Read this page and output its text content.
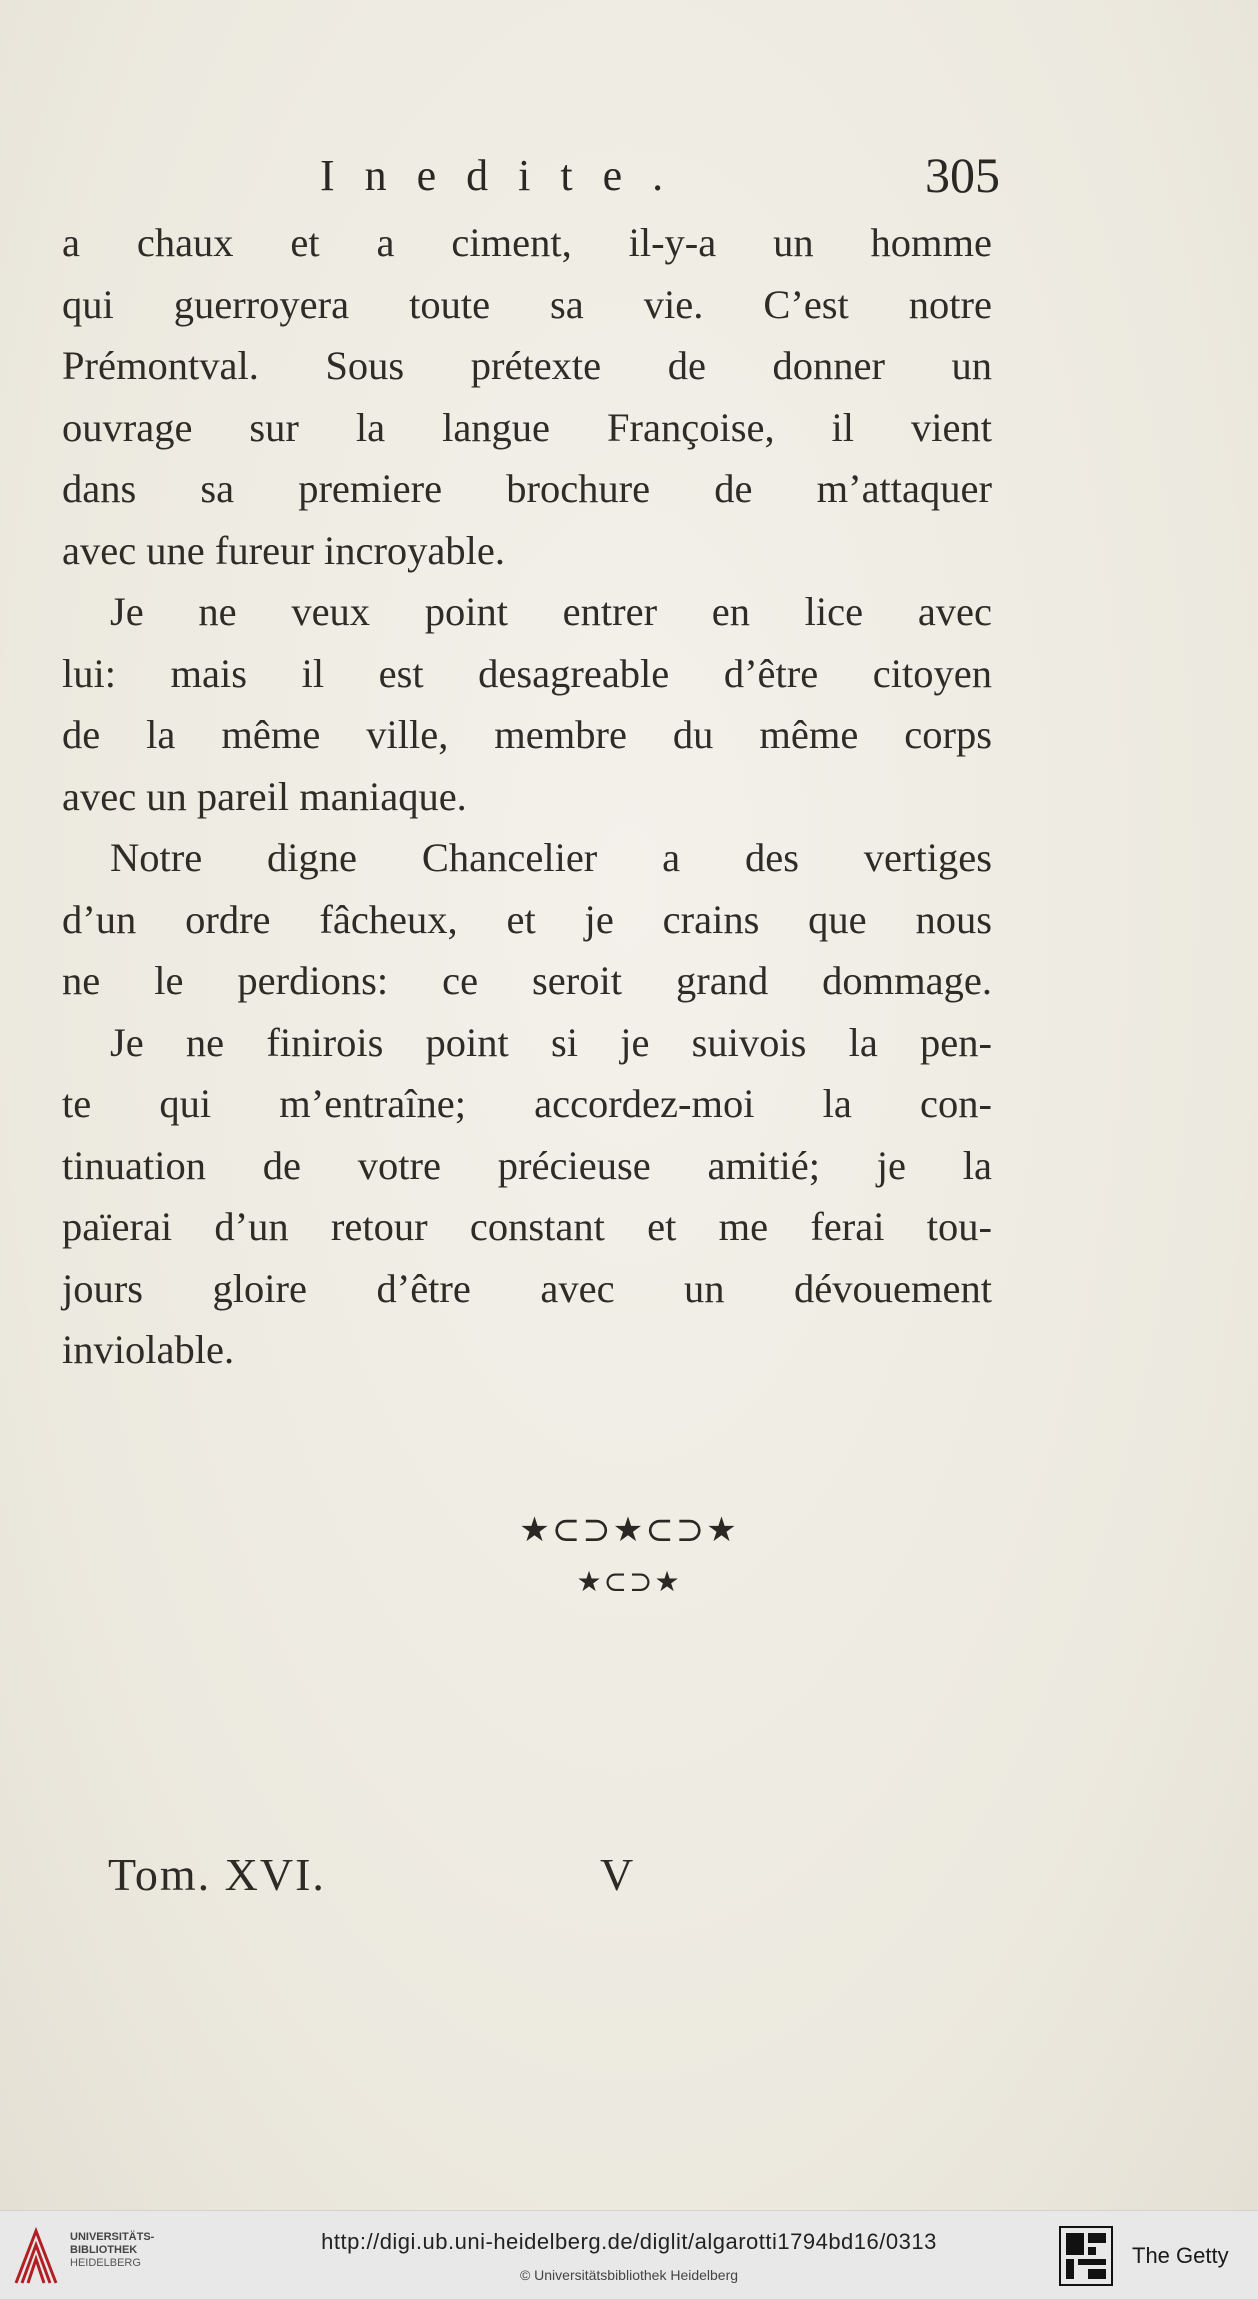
Inedite.	305
a chaux et a ciment, il-y-a un homme
qui guerroyera toute sa vie. C’est notre
Prémontval. Sous prétexte de donner un
ouvrage sur la langue Françoise, il vient
dans sa premiere brochure de m’attaquer
avec une fureur incroyable.
Je ne veux point entrer en lice avec
lui: mais il est desagreable d’être citoyen
de la même ville, membre du même corps
avec un pareil maniaque.
Notre digne Chancelier a des vertiges
d’un ordre fâcheux, et je crains que nous
ne le perdions: ce seroit grand dommage.
Je ne finirois point si je suivois la pen-
te qui m’entraîne; accordez-moi la con-
tinuation de votre précieuse amitié; je la
païerai d’un retour constant et me ferai tou-
jours gloire d’être avec un dévouement
inviolable.
★⊂⊃★⊂⊃★
★⊂⊃★
Tom. XVI.	V
UNIVERSITÄTS-
BIBLIOTHEK
HEIDELBERG
http://digi.ub.uni-heidelberg.de/diglit/algarotti1794bd16/0313
© Universitätsbibliothek Heidelberg
The Getty
